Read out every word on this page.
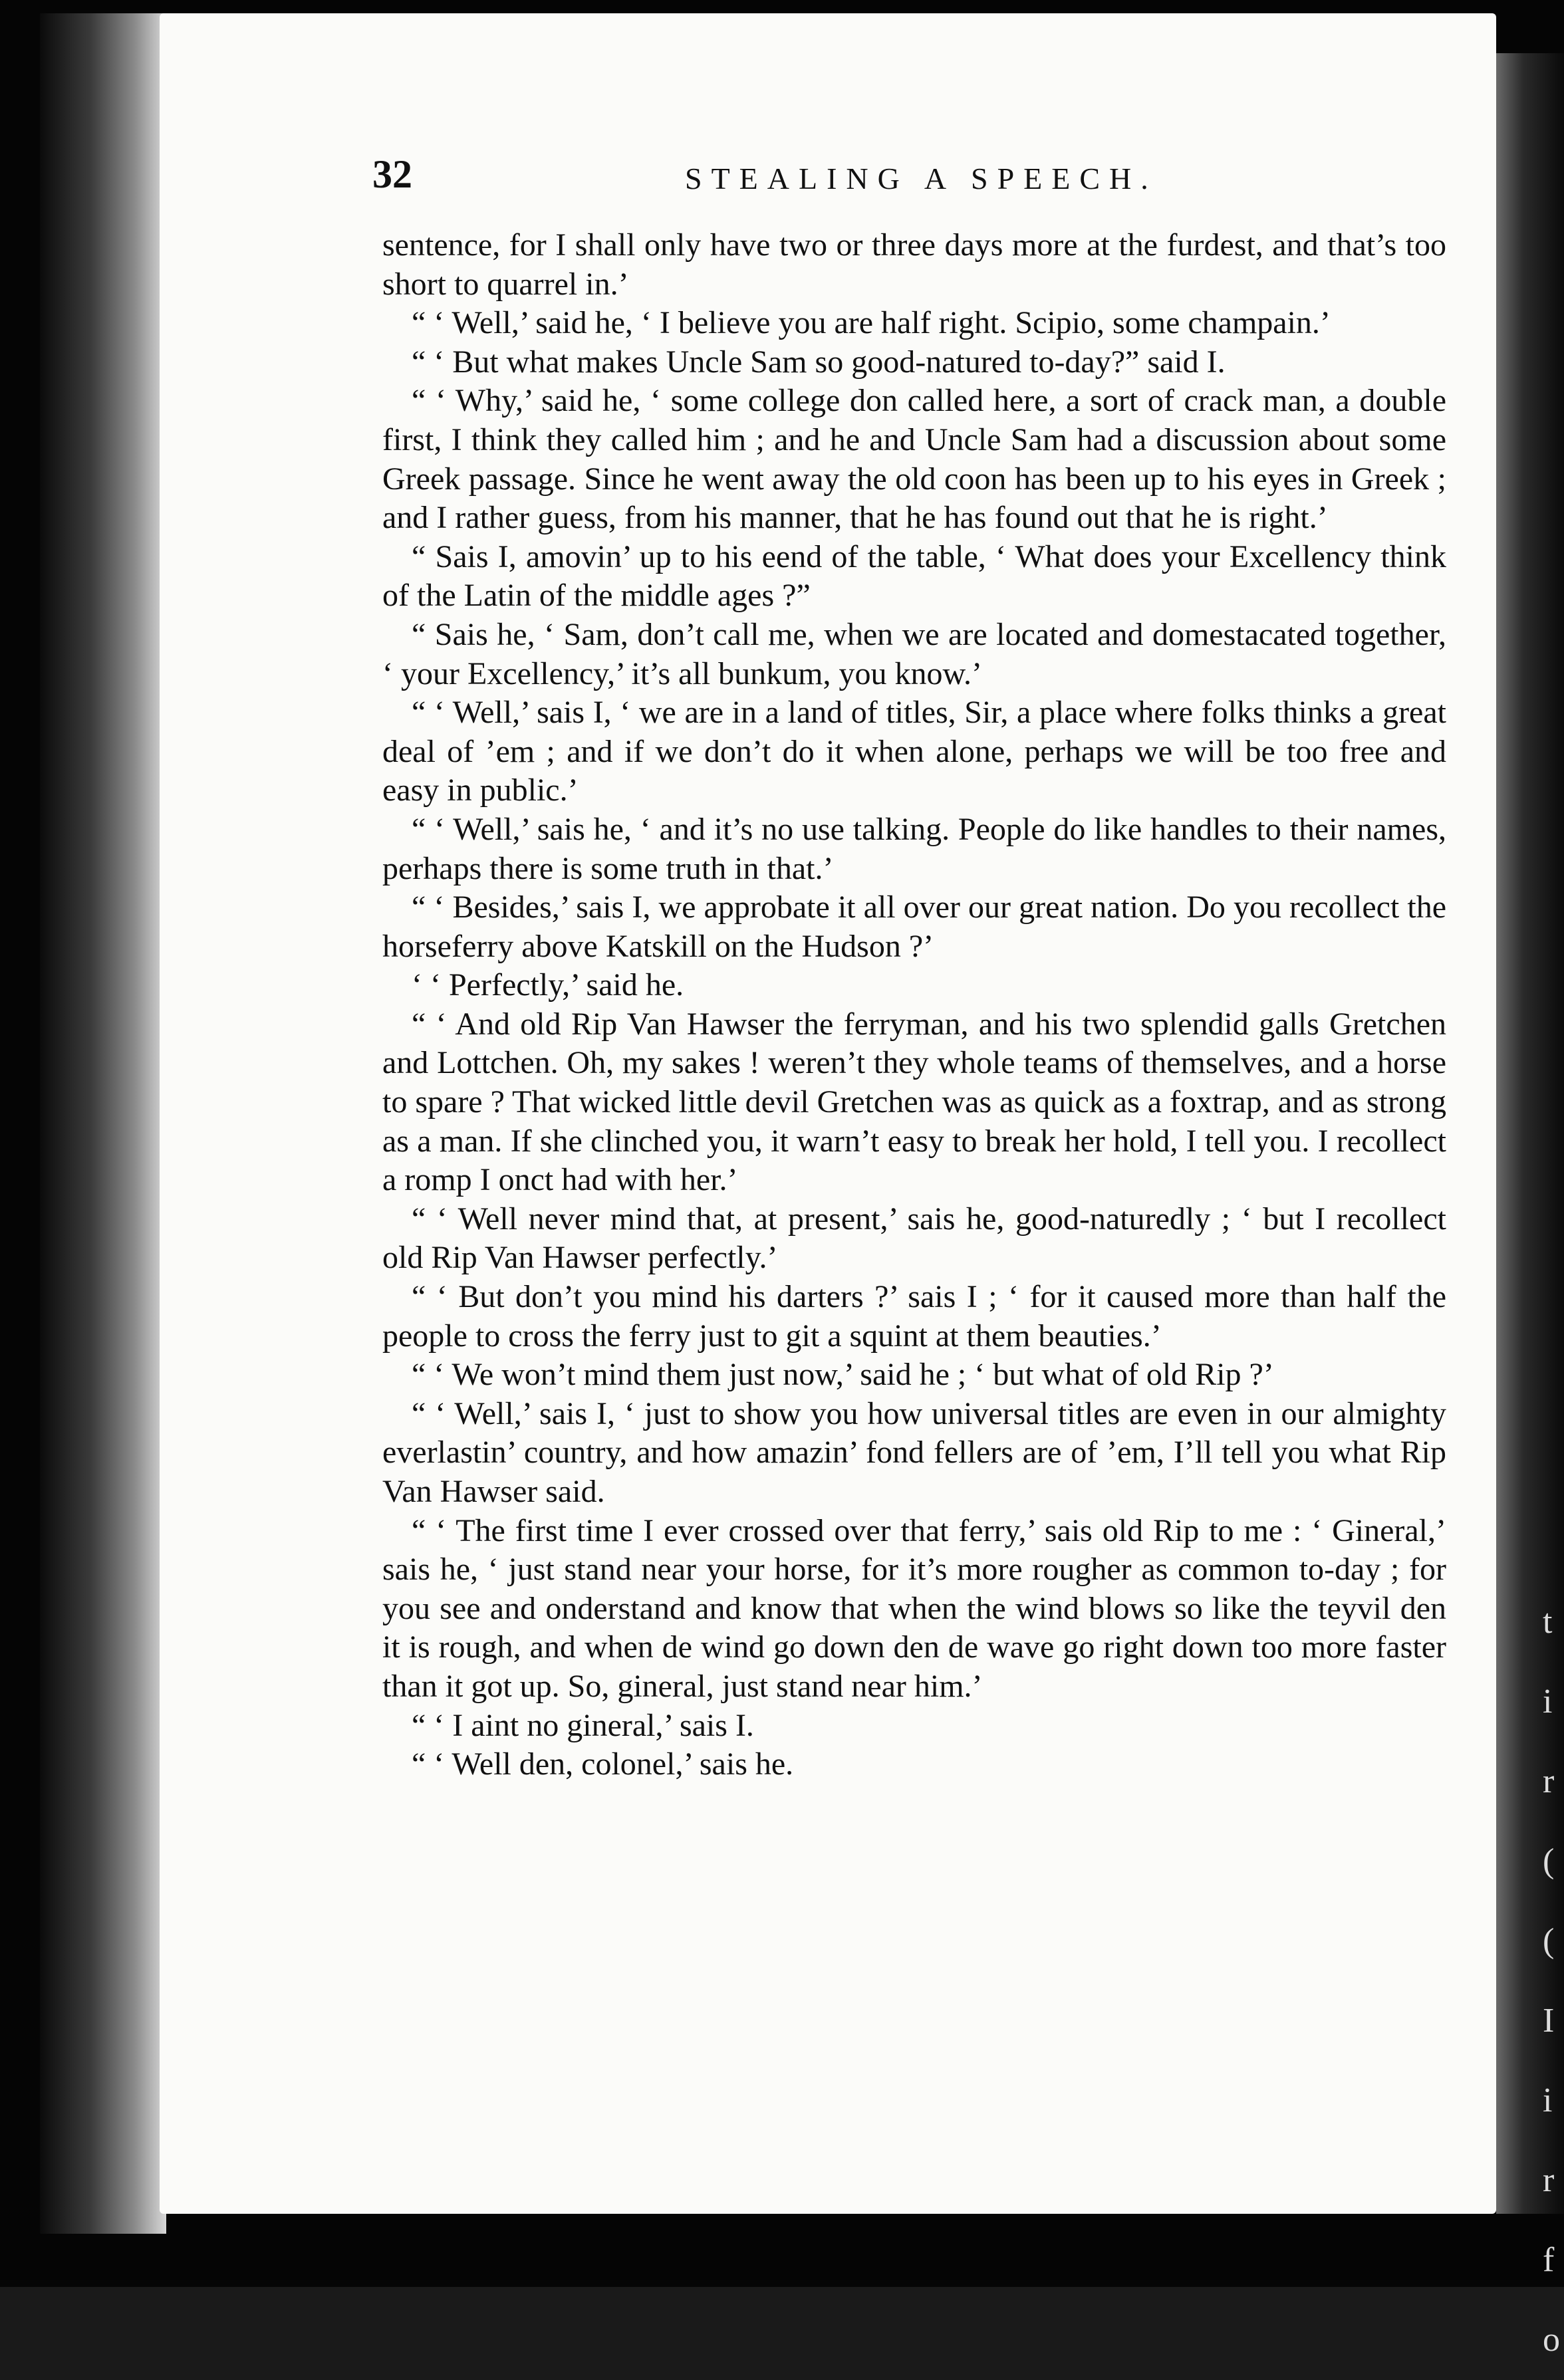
t
i
r
(
(
I
i
r
f
o
32	STEALING A SPEECH.

sentence, for I shall only have two or three days more at the furdest, and that’s too short to quarrel in.’

“ ‘ Well,’ said he, ‘ I believe you are half right. Scipio, some champain.’

“ ‘ But what makes Uncle Sam so good-natured to-day?” said I.

“ ‘ Why,’ said he, ‘ some college don called here, a sort of crack man, a double first, I think they called him ; and he and Uncle Sam had a discussion about some Greek passage. Since he went away the old coon has been up to his eyes in Greek ; and I rather guess, from his manner, that he has found out that he is right.’

“ Sais I, amovin’ up to his eend of the table, ‘ What does your Excellency think of the Latin of the middle ages ?”

“ Sais he, ‘ Sam, don’t call me, when we are located and domestacated together, ‘ your Excellency,’ it’s all bunkum, you know.’

“ ‘ Well,’ sais I, ‘ we are in a land of titles, Sir, a place where folks thinks a great deal of ’em ; and if we don’t do it when alone, perhaps we will be too free and easy in public.’

“ ‘ Well,’ sais he, ‘ and it’s no use talking. People do like handles to their names, perhaps there is some truth in that.’

“ ‘ Besides,’ sais I, we approbate it all over our great nation. Do you recollect the horseferry above Katskill on the Hudson ?’

‘ ‘ Perfectly,’ said he.

“ ‘ And old Rip Van Hawser the ferryman, and his two splendid galls Gretchen and Lottchen. Oh, my sakes ! weren’t they whole teams of themselves, and a horse to spare ? That wicked little devil Gretchen was as quick as a foxtrap, and as strong as a man. If she clinched you, it warn’t easy to break her hold, I tell you. I recollect a romp I onct had with her.’

“ ‘ Well never mind that, at present,’ sais he, good-naturedly ; ‘ but I recollect old Rip Van Hawser perfectly.’

“ ‘ But don’t you mind his darters ?’ sais I ; ‘ for it caused more than half the people to cross the ferry just to git a squint at them beauties.’

“ ‘ We won’t mind them just now,’ said he ; ‘ but what of old Rip ?’

“ ‘ Well,’ sais I, ‘ just to show you how universal titles are even in our almighty everlastin’ country, and how amazin’ fond fellers are of ’em, I’ll tell you what Rip Van Hawser said.

“ ‘ The first time I ever crossed over that ferry,’ sais old Rip to me : ‘ Gineral,’ sais he, ‘ just stand near your horse, for it’s more rougher as common to-day ; for you see and onderstand and know that when the wind blows so like the teyvil den it is rough, and when de wind go down den de wave go right down too more faster than it got up. So, gineral, just stand near him.’

“ ‘ I aint no gineral,’ sais I.

“ ‘ Well den, colonel,’ sais he.
